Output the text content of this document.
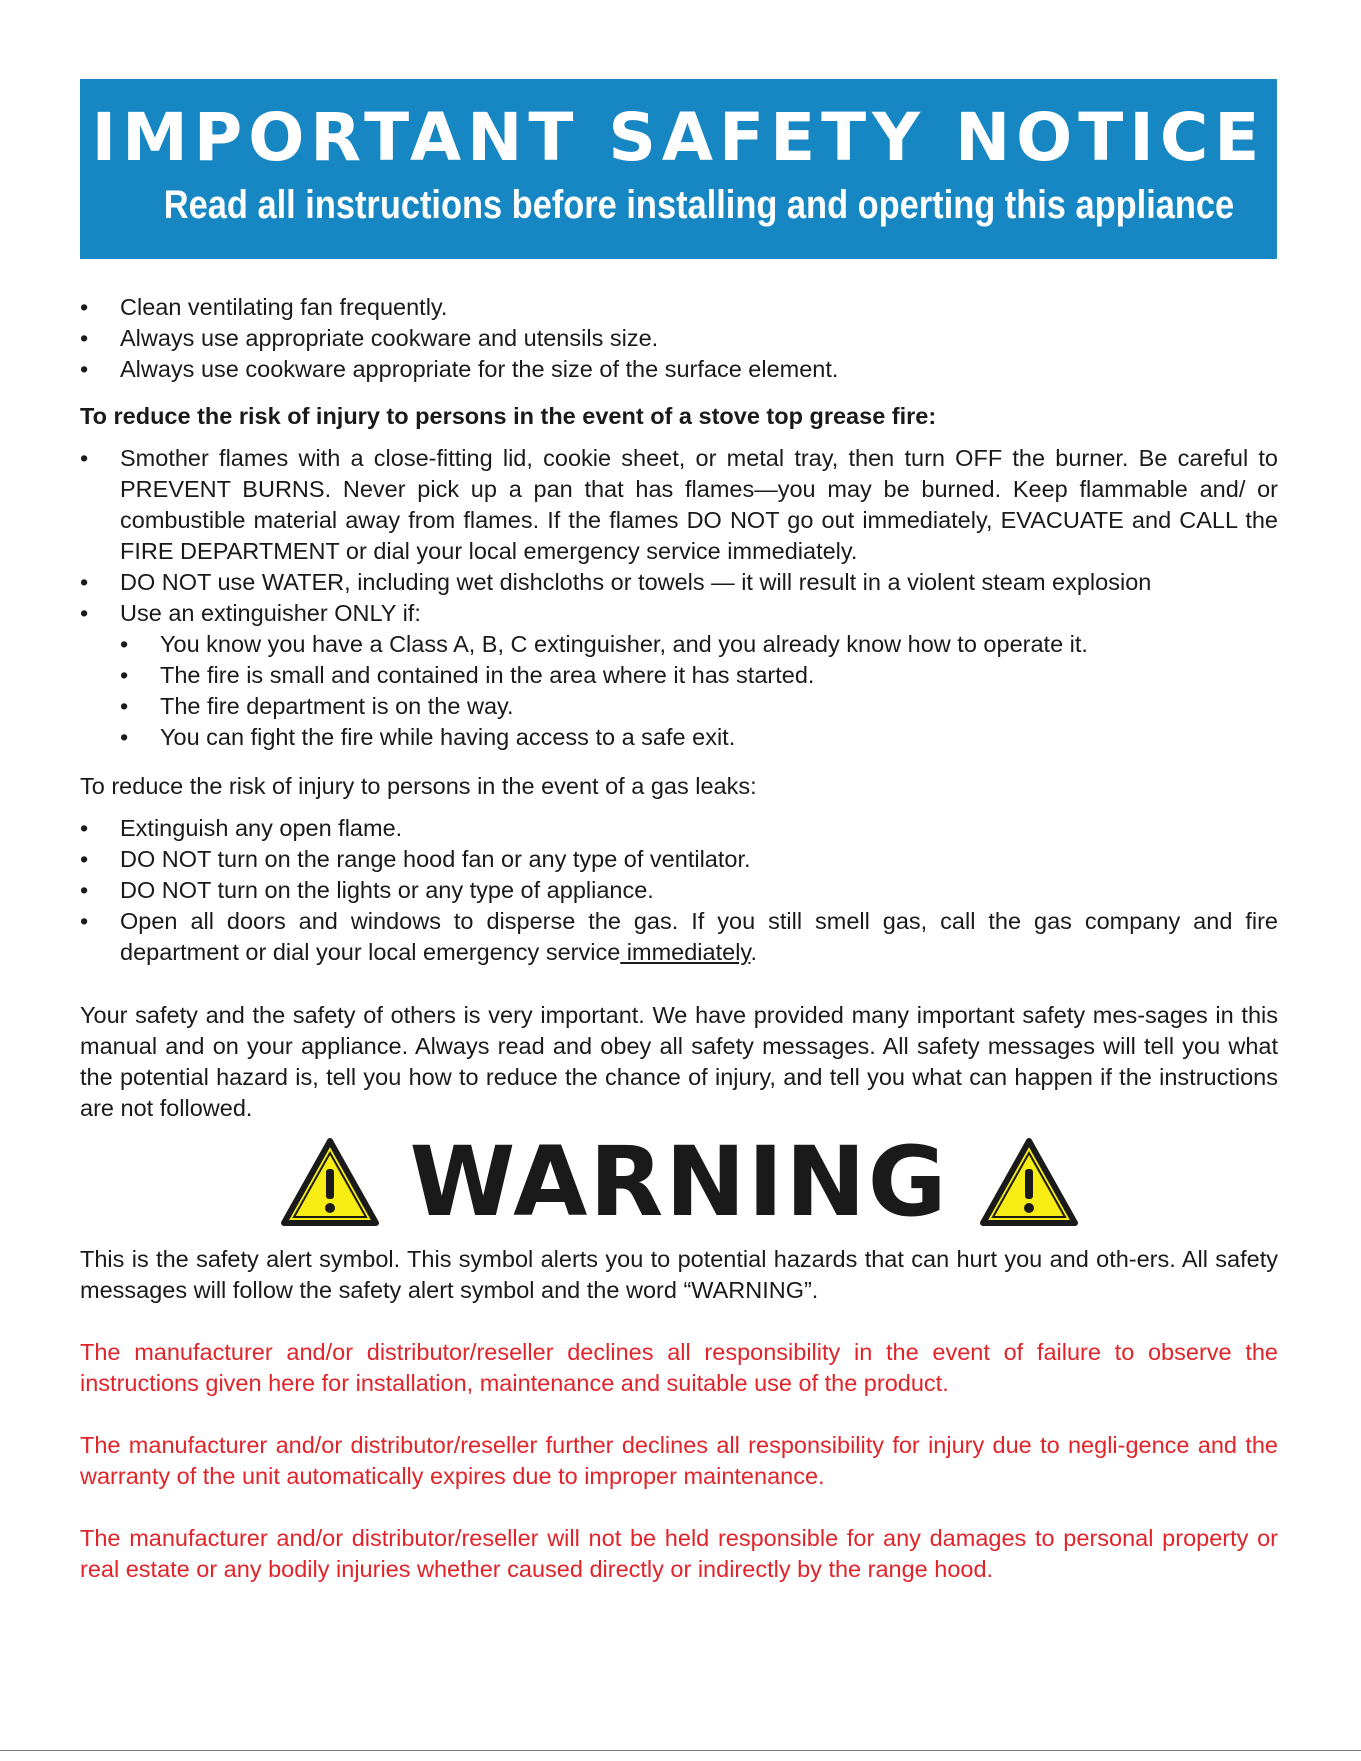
IMPORTANT SAFETY NOTICE
Read all instructions before installing and operting this appliance
• Clean ventilating fan frequently.
• Always use appropriate cookware and utensils size.
• Always use cookware appropriate for the size of the surface element.
To reduce the risk of injury to persons in the event of a stove top grease fire:
• Smother flames with a close-fitting lid, cookie sheet, or metal tray, then turn OFF the burner. Be careful to PREVENT BURNS. Never pick up a pan that has flames—you may be burned. Keep flammable and/ or combustible material away from flames. If the flames DO NOT go out immediately, EVACUATE and CALL the FIRE DEPARTMENT or dial your local emergency service immediately.
• DO NOT use WATER, including wet dishcloths or towels — it will result in a violent steam explosion
• Use an extinguisher ONLY if:
• You know you have a Class A, B, C extinguisher, and you already know how to operate it.
• The fire is small and contained in the area where it has started.
• The fire department is on the way.
• You can fight the fire while having access to a safe exit.
To reduce the risk of injury to persons in the event of a gas leaks:
• Extinguish any open flame.
• DO NOT turn on the range hood fan or any type of ventilator.
• DO NOT turn on the lights or any type of appliance.
• Open all doors and windows to disperse the gas. If you still smell gas, call the gas company and fire department or dial your local emergency service immediately.

Your safety and the safety of others is very important. We have provided many important safety mes-sages in this manual and on your appliance. Always read and obey all safety messages. All safety messages will tell you what the potential hazard is, tell you how to reduce the chance of injury, and tell you what can happen if the instructions are not followed.

WARNING

This is the safety alert symbol. This symbol alerts you to potential hazards that can hurt you and oth-ers. All safety messages will follow the safety alert symbol and the word “WARNING”.

The manufacturer and/or distributor/reseller declines all responsibility in the event of failure to observe the instructions given here for installation, maintenance and suitable use of the product.

The manufacturer and/or distributor/reseller further declines all responsibility for injury due to negli-gence and the warranty of the unit automatically expires due to improper maintenance.

The manufacturer and/or distributor/reseller will not be held responsible for any damages to personal property or real estate or any bodily injuries whether caused directly or indirectly by the range hood.
